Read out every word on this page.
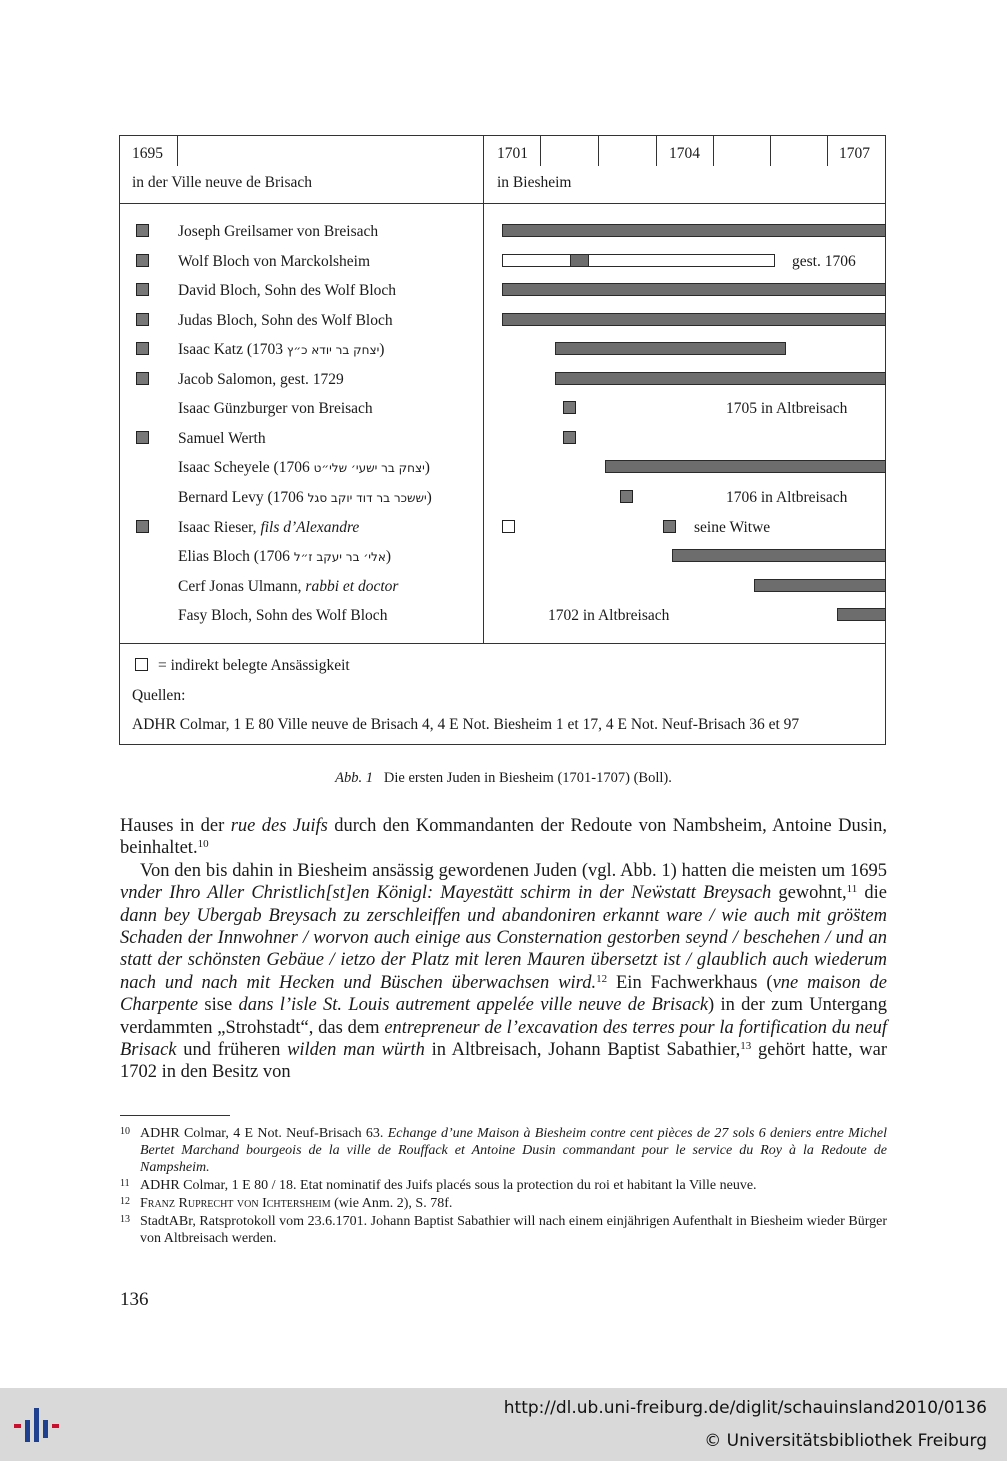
1695
in der Ville neuve de Brisach
1701	1704	1707
in Biesheim
Joseph Greilsamer von Breisach
Wolf Bloch von Marckolsheim
David Bloch, Sohn des Wolf Bloch
Judas Bloch, Sohn des Wolf Bloch
Isaac Katz (1703 יצחק בר יודא כ״ץ)
Jacob Salomon, gest. 1729
Isaac Günzburger von Breisach
Samuel Werth
Isaac Scheyele (1706 יצחק בר ישעי׳ שלי״ט)
Bernard Levy (1706 יששכר בר דוד יוקב סגל)
Isaac Rieser, fils d’Alexandre
Elias Bloch (1706 אלי׳ בר יעקב ז״ל)
Cerf Jonas Ulmann, rabbi et doctor
Fasy Bloch, Sohn des Wolf Bloch
gest. 1706
1705 in Altbreisach
1706 in Altbreisach
seine Witwe
1702 in Altbreisach
= indirekt belegte Ansässigkeit
Quellen:
ADHR Colmar, 1 E 80 Ville neuve de Brisach 4, 4 E Not. Biesheim 1 et 17, 4 E Not. Neuf-Brisach 36 et 97
Abb. 1 Die ersten Juden in Biesheim (1701-1707) (Boll).

Hauses in der rue des Juifs durch den Kommandanten der Redoute von Nambsheim, Antoine Dusin, beinhaltet.$^{10}$

Von den bis dahin in Biesheim ansässig gewordenen Juden (vgl. Abb. 1) hatten die meisten um 1695 vnder Ihro Aller Christlich[st]en Königl: Mayestätt schirm in der Neẅstatt Breysach gewohnt,$^{11}$ die dann bey Ubergab Breysach zu zerschleiffen und abandoniren erkannt ware / wie auch mit grö̈stem Schaden der Innwohner / worvon auch einige aus Consternation gestorben seynd / beschehen / und an statt der schönsten Gebäue / ietzo der Platz mit leren Mauren übersetzt ist / glaublich auch wiederum nach und nach mit Hecken und Büschen überwachsen wird.$^{12}$ Ein Fachwerkhaus (vne maison de Charpente sise dans l’isle St. Louis autrement appelée ville neuve de Brisack) in der zum Untergang verdammten „Strohstadt“, das dem entrepreneur de l’excavation des terres pour la fortification du neuf Brisack und früheren wilden man würth in Altbreisach, Johann Baptist Sabathier,$^{13}$ gehört hatte, war 1702 in den Besitz von

10 ADHR Colmar, 4 E Not. Neuf-Brisach 63. Echange d’une Maison à Biesheim contre cent pièces de 27 sols 6 deniers entre Michel Bertet Marchand bourgeois de la ville de Rouffack et Antoine Dusin commandant pour le service du Roy à la Redoute de Nampsheim.
11 ADHR Colmar, 1 E 80 / 18. Etat nominatif des Juifs placés sous la protection du roi et habitant la Ville neuve.
12 Franz Ruprecht von Ichtersheim (wie Anm. 2), S. 78f.
13 StadtABr, Ratsprotokoll vom 23.6.1701. Johann Baptist Sabathier will nach einem einjährigen Aufenthalt in Biesheim wieder Bürger von Altbreisach werden.
136
http://dl.ub.uni-freiburg.de/diglit/schauinsland2010/0136
© Universitätsbibliothek Freiburg
